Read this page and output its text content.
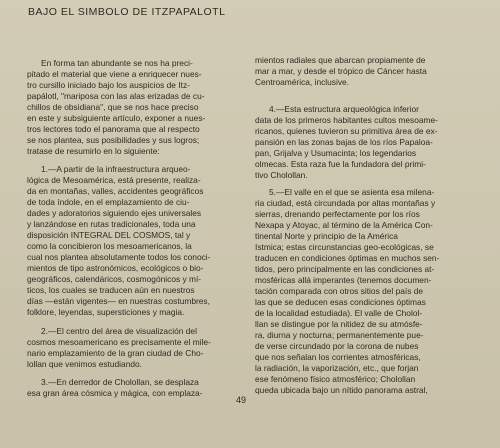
BAJO EL SIMBOLO DE ITZPAPALOTL
En forma tan abundante se nos ha preci-
pitado el material que viene a enriquecer nues-
tro cursillo iniciado bajo los auspicios de Itz-
papálotl, "mariposa con las alas erizadas de cu-
chillos de obsidiana", que se nos hace preciso
en este y subsiguiente artículo, exponer a nues-
tros lectores todo el panorama que al respecto
se nos plantea, sus posibilidades y sus logros;
tratase de resumirlo en lo siguiente:
1.—A partir de la infraestructura arqueo-
lógica de Mesoamérica, está presente, realiza-
da en montañas, valles, accidentes geográficos
de toda índole, en el emplazamiento de ciu-
dades y adoratorios siguiendo ejes universales
y lanzándose en rutas tradicionales, toda una
disposición INTEGRAL DEL COSMOS, tal y
como la concibieron los mesoamericanos, la
cual nos plantea absolutamente todos los conoci-
mientos de tipo astronómicos, ecológicos o bio-
geográficos, calendáricos, cosmogónicos y mí-
ticos, los cuales se traducen aún en nuestros
días —están vigentes— en nuestras costumbres,
folklore, leyendas, supersticiones y magia.
2.—El centro del área de visualización del
cosmos mesoamericano es precisamente el mile-
nario emplazamiento de la gran ciudad de Cho-
lollan que venimos estudiando.
3.—En derredor de Cholollan, se desplaza
esa gran área cósmica y mágica, con emplaza-
mientos radiales que abarcan propiamente de
mar a mar, y desde el trópico de Cáncer hasta
Centroamérica, inclusive.
4.—Esta estructura arqueológica inferior
data de los primeros habitantes cultos mesoame-
ricanos, quienes tuvieron su primitiva área de ex-
pansión en las zonas bajas de los ríos Papaloa-
pan, Grijalva y Usumacinta; los legendarios
olmecas. Esta raza fue la fundadora del primi-
tivo Cholollan.
5.—El valle en el que se asienta esa milena-
ria ciudad, está circundada por altas montañas y
sierras, drenando perfectamente por los ríos
Nexapa y Atoyac, al término de la América Con-
tinental Norte y principio de la América
Istmica; estas circunstancias geo-ecológicas, se
traducen en condiciones óptimas en muchos sen-
tidos, pero principalmente en las condiciones at-
mosféricas allá imperantes (tenemos documen-
tación comparada con otros sitios del país de
las que se deducen esas condiciones óptimas
de la localidad estudiada). El valle de Cholol-
llan se distingue por la nitidez de su atmósfe-
ra, diurna y nocturna; permanentemente pue-
de verse circundado por la corona de nubes
que nos señalan los corrientes atmosféricas,
la radiación, la vaporización, etc., que forjan
ese fenómeno físico atmosférico; Cholollan
queda ubicada bajo un nítido panorama astral,
49
